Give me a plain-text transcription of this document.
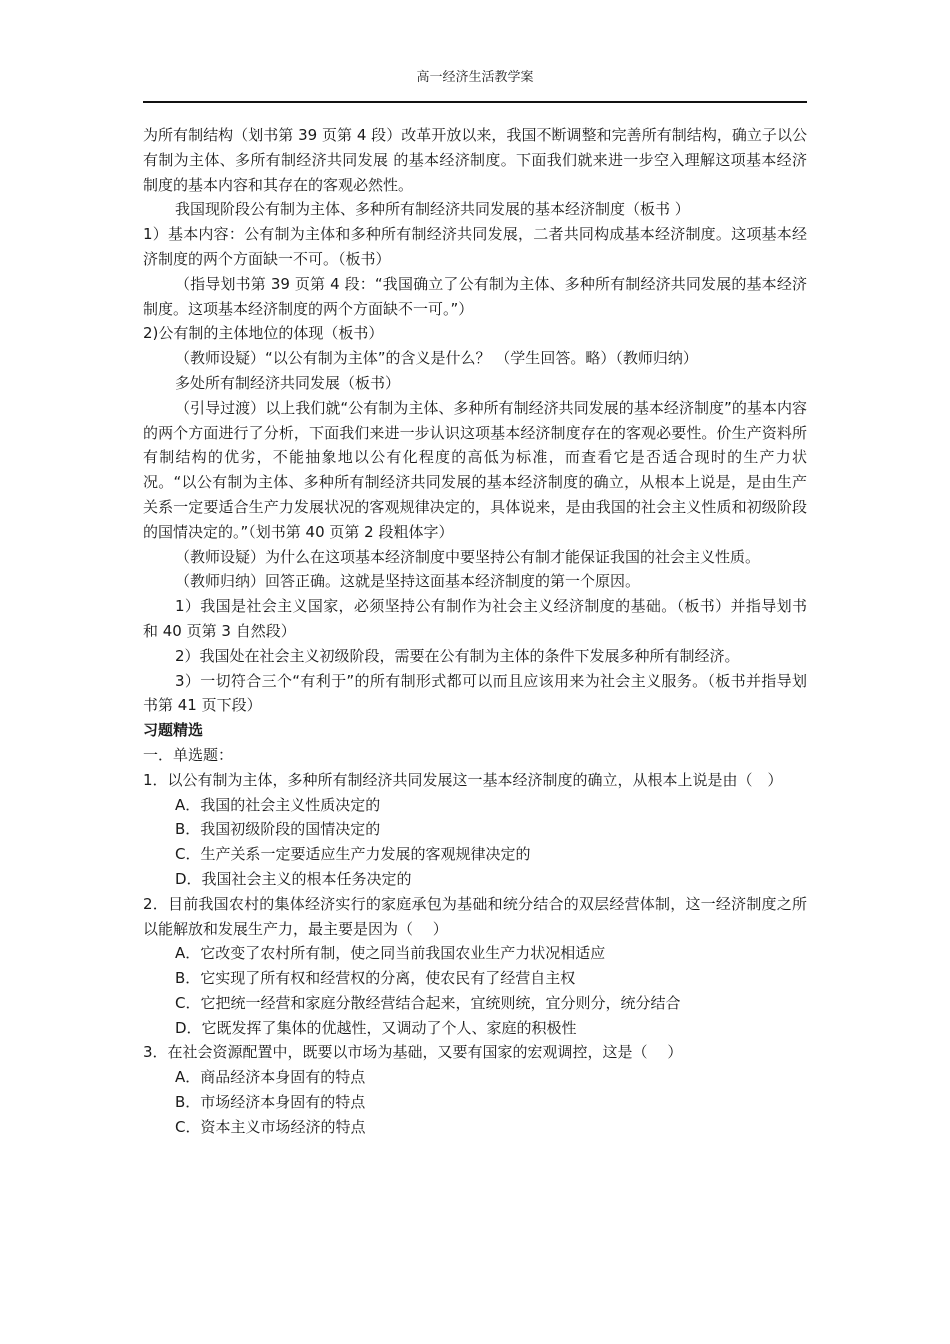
高一经济生活教学案

为所有制结构（划书第 39 页第 4 段）改革开放以来，我国不断调整和完善所有制结构，确立子以公有制为主体、多所有制经济共同发展 的基本经济制度。下面我们就来进一步空入理解这项基本经济制度的基本内容和其存在的客观必然性。

我国现阶段公有制为主体、多种所有制经济共同发展的基本经济制度（板书 ）

1）基本内容：公有制为主体和多种所有制经济共同发展，二者共同构成基本经济制度。这项基本经济制度的两个方面缺一不可。（板书）

（指导划书第 39 页第 4 段：“我国确立了公有制为主体、多种所有制经济共同发展的基本经济制度。这项基本经济制度的两个方面缺不一可。”）

2)公有制的主体地位的体现（板书）

（教师设疑）“以公有制为主体”的含义是什么？ （学生回答。略）（教师归纳）

多处所有制经济共同发展（板书）

（引导过渡）以上我们就“公有制为主体、多种所有制经济共同发展的基本经济制度”的基本内容的两个方面进行了分析，下面我们来进一步认识这项基本经济制度存在的客观必要性。价生产资料所有制结构的优劣，不能抽象地以公有化程度的高低为标准，而查看它是否适合现时的生产力状况。“以公有制为主体、多种所有制经济共同发展的基本经济制度的确立，从根本上说是，是由生产关系一定要适合生产力发展状况的客观规律决定的，具体说来，是由我国的社会主义性质和初级阶段的国情决定的。”（划书第 40 页第 2 段粗体字）

（教师设疑）为什么在这项基本经济制度中要坚持公有制才能保证我国的社会主义性质。

（教师归纳）回答正确。这就是坚持这面基本经济制度的第一个原因。

1）我国是社会主义国家，必须坚持公有制作为社会主义经济制度的基础。（板书）并指导划书和 40 页第 3 自然段）

2）我国处在社会主义初级阶段，需要在公有制为主体的条件下发展多种所有制经济。

3）一切符合三个“有利于”的所有制形式都可以而且应该用来为社会主义服务。（板书并指导划书第 41 页下段）

习题精选

一．单选题：

1．以公有制为主体，多种所有制经济共同发展这一基本经济制度的确立，从根本上说是由（　）

A．我国的社会主义性质决定的

B．我国初级阶段的国情决定的

C．生产关系一定要适应生产力发展的客观规律决定的

D．我国社会主义的根本任务决定的

2．目前我国农村的集体经济实行的家庭承包为基础和统分结合的双层经营体制，这一经济制度之所以能解放和发展生产力，最主要是因为（　 ）

A．它改变了农村所有制，使之同当前我国农业生产力状况相适应

B．它实现了所有权和经营权的分离，使农民有了经营自主权

C．它把统一经营和家庭分散经营结合起来，宜统则统，宜分则分，统分结合

D．它既发挥了集体的优越性，又调动了个人、家庭的积极性

3．在社会资源配置中，既要以市场为基础，又要有国家的宏观调控，这是（　 ）

A．商品经济本身固有的特点

B．市场经济本身固有的特点

C．资本主义市场经济的特点
